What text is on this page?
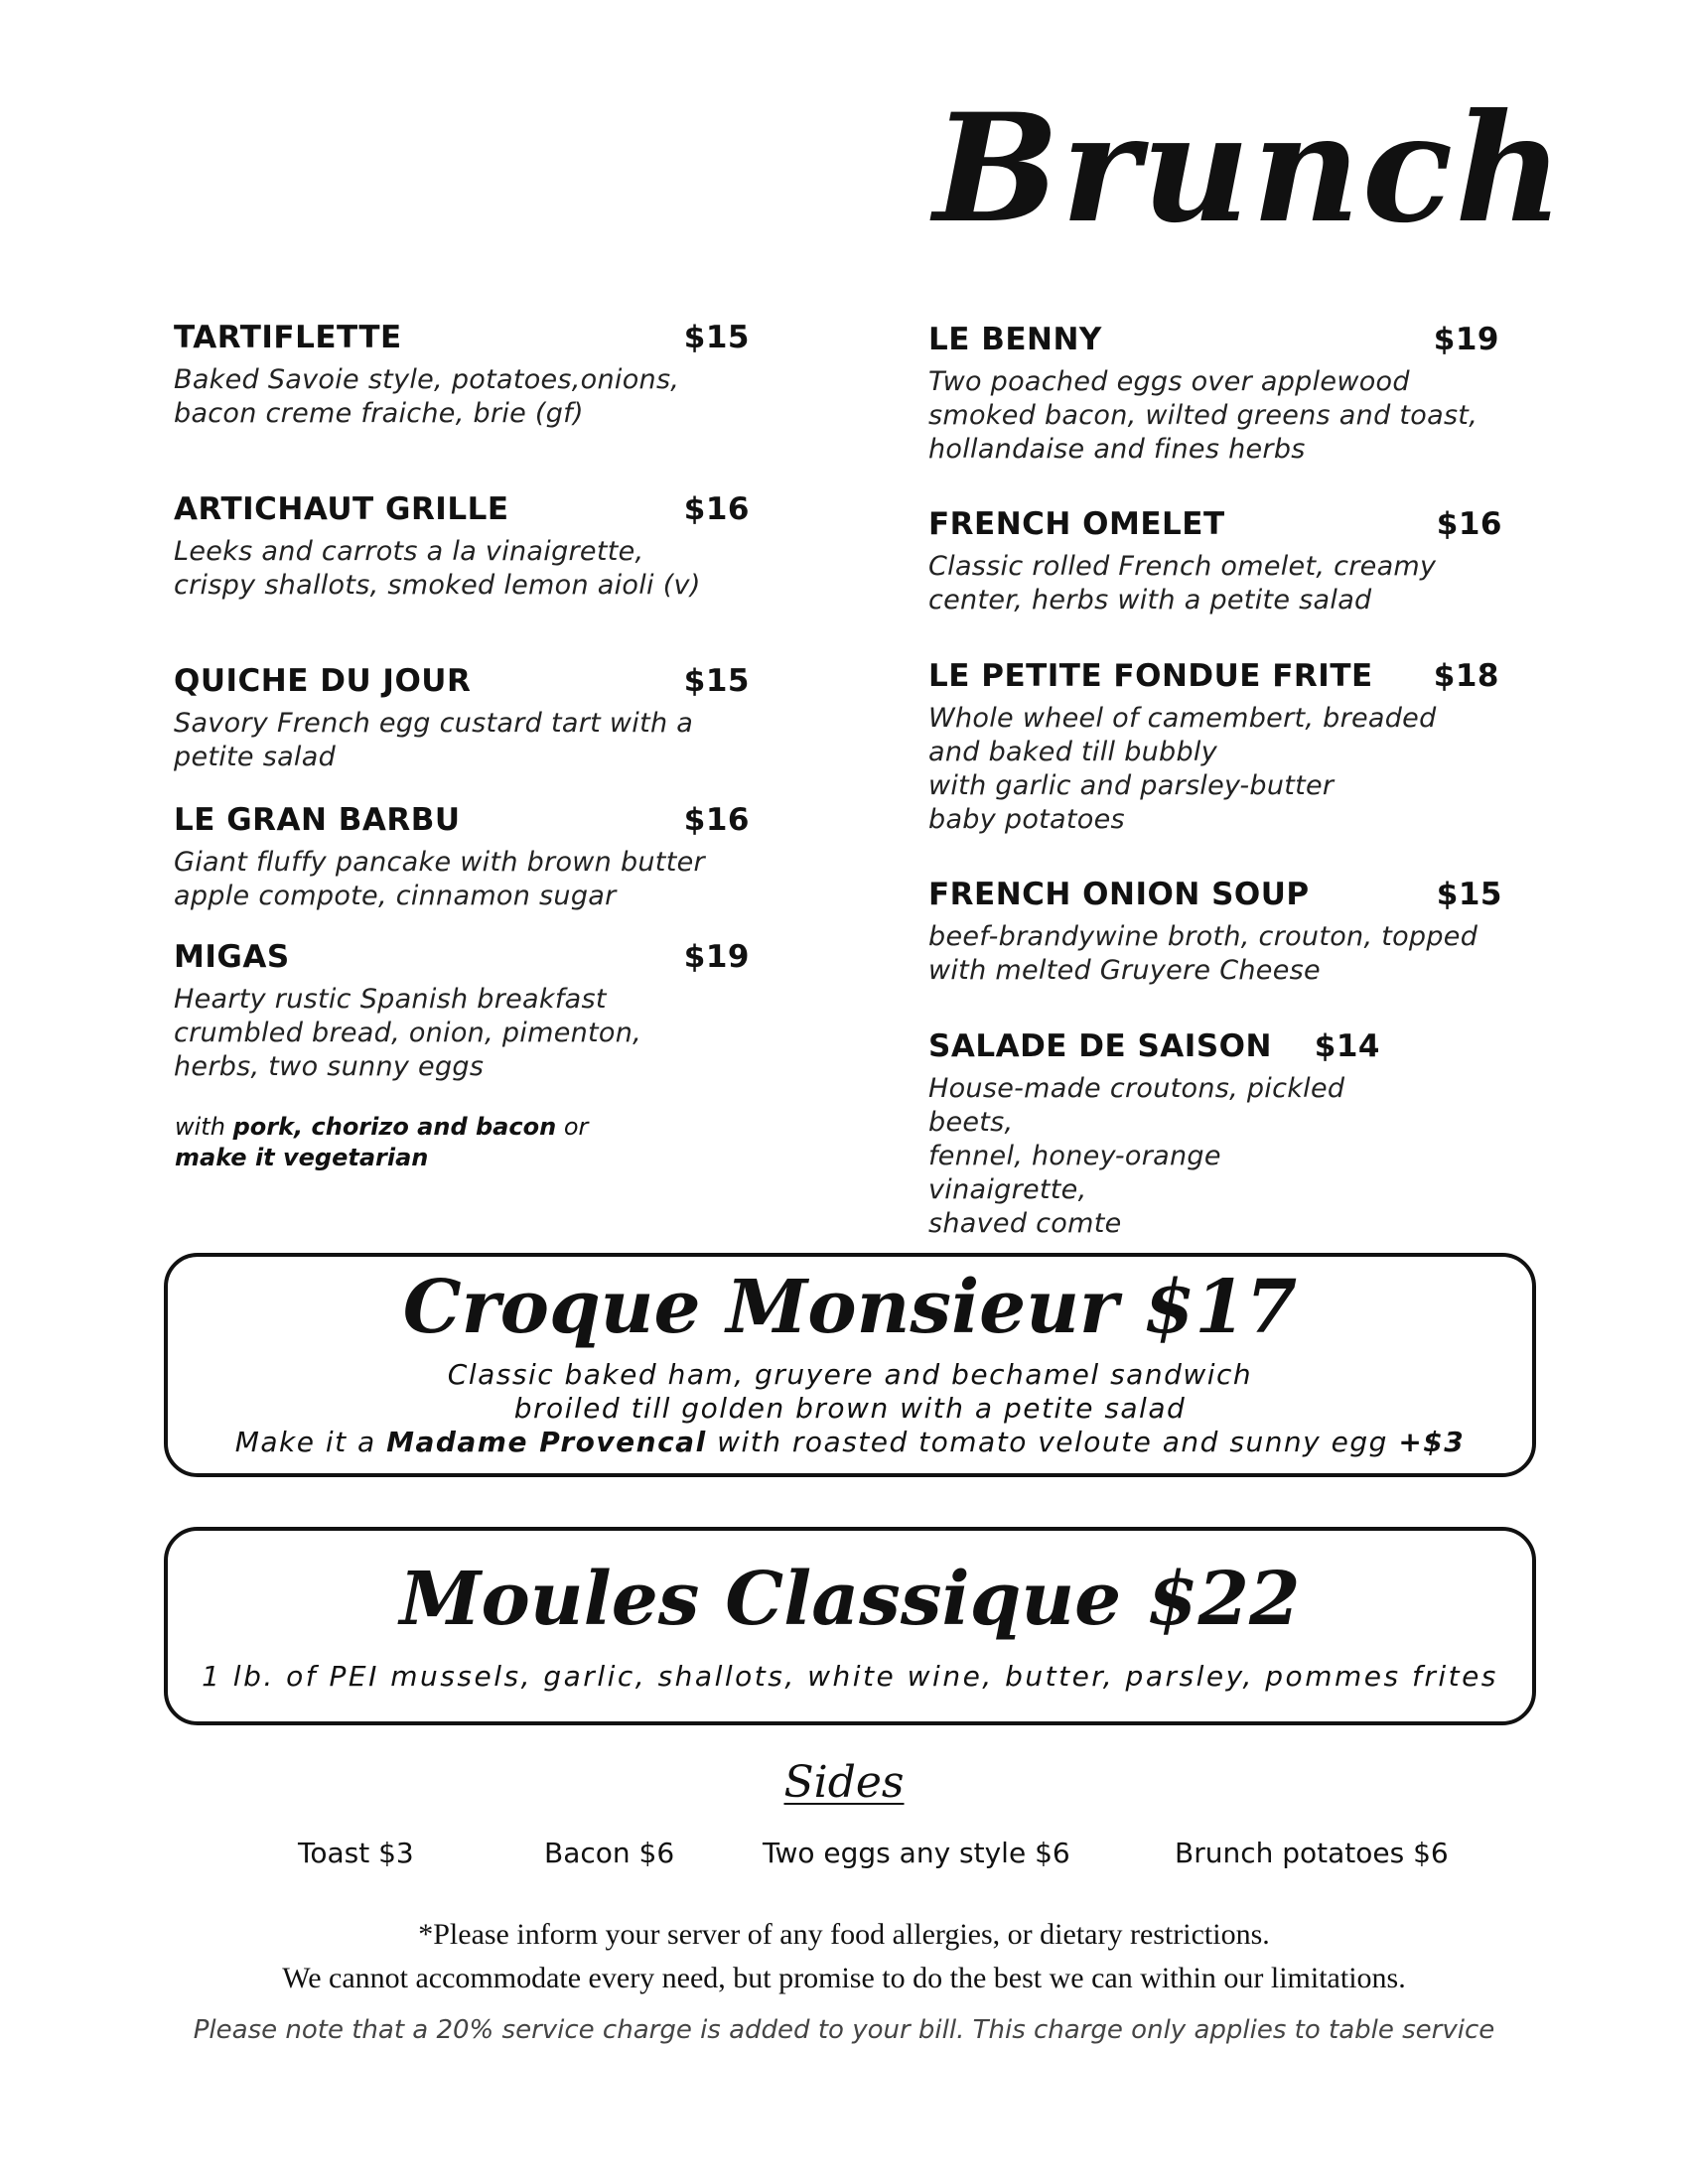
Brunch
TARTIFLETTE	$15
Baked Savoie style, potatoes,onions,
bacon creme fraiche, brie (gf)
ARTICHAUT GRILLE	$16
Leeks and carrots a la vinaigrette,
crispy shallots, smoked lemon aioli (v)
QUICHE DU JOUR	$15
Savory French egg custard tart with a
petite salad
LE GRAN BARBU	$16
Giant fluffy pancake with brown butter
apple compote, cinnamon sugar
MIGAS	$19
Hearty rustic Spanish breakfast
crumbled bread, onion, pimenton,
herbs, two sunny eggs
with pork, chorizo and bacon or
make it vegetarian
LE BENNY	$19
Two poached eggs over applewood
smoked bacon, wilted greens and toast,
hollandaise and fines herbs
FRENCH OMELET	$16
Classic rolled French omelet, creamy
center, herbs with a petite salad
LE PETITE FONDUE FRITE $18
Whole wheel of camembert, breaded
and baked till bubbly
with garlic and parsley-butter
baby potatoes
FRENCH ONION SOUP	$15
beef-brandywine broth, crouton, topped
with melted Gruyere Cheese
SALADE DE SAISON $14
House-made croutons, pickled beets,
fennel, honey-orange vinaigrette,
shaved comte
Croque Monsieur $17
Classic baked ham, gruyere and bechamel sandwich
broiled till golden brown with a petite salad
Make it a Madame Provencal with roasted tomato veloute and sunny egg +$3
Moules Classique $22
1 lb. of PEI mussels, garlic, shallots, white wine, butter, parsley, pommes frites
Sides
Toast $3	Bacon $6	Two eggs any style $6	Brunch potatoes $6
*Please inform your server of any food allergies, or dietary restrictions.
We cannot accommodate every need, but promise to do the best we can within our limitations.
Please note that a 20% service charge is added to your bill. This charge only applies to table service
